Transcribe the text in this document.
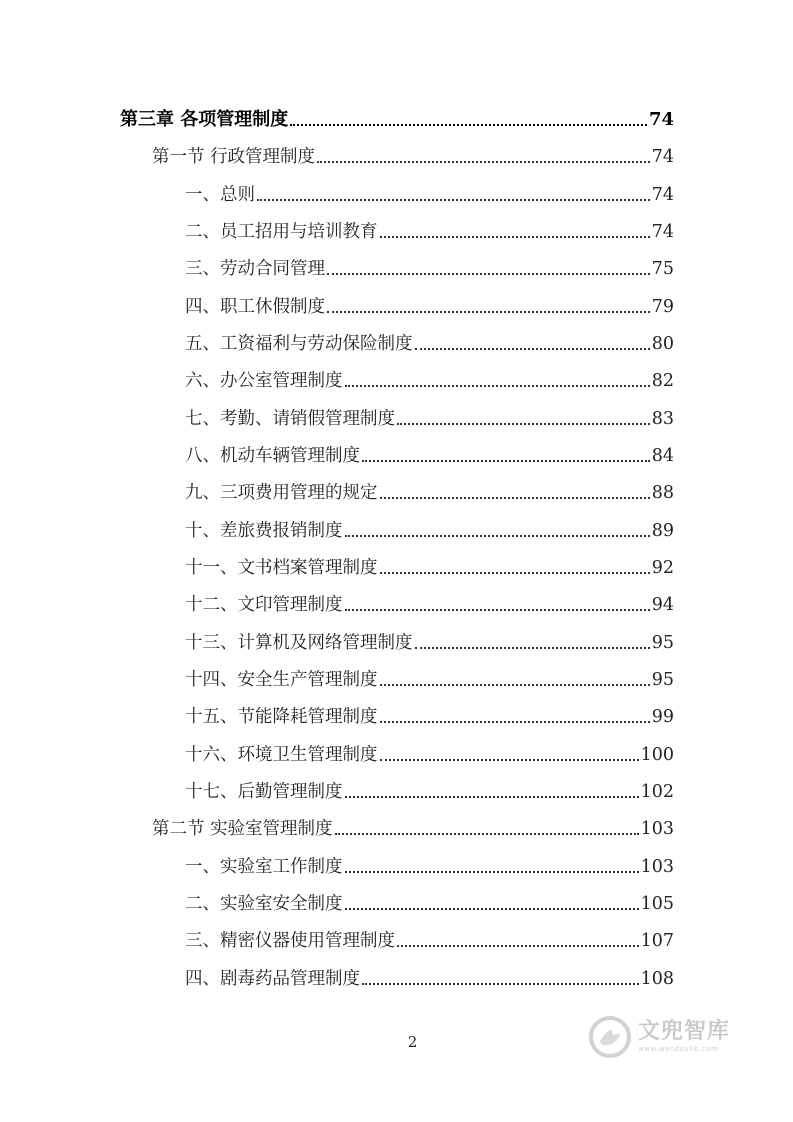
第三章 各项管理制度	74
第一节 行政管理制度	74
一、总则	74
二、员工招用与培训教育	74
三、劳动合同管理	75
四、职工休假制度	79
五、工资福利与劳动保险制度	80
六、办公室管理制度	82
七、考勤、请销假管理制度	83
八、机动车辆管理制度	84
九、三项费用管理的规定	88
十、差旅费报销制度	89
十一、文书档案管理制度	92
十二、文印管理制度	94
十三、计算机及网络管理制度	95
十四、安全生产管理制度	95
十五、节能降耗管理制度	99
十六、环境卫生管理制度	100
十七、后勤管理制度	102
第二节 实验室管理制度	103
一、实验室工作制度	103
二、实验室安全制度	105
三、精密仪器使用管理制度	107
四、剧毒药品管理制度	108
2	文兜智库
www.wendoulib.com
